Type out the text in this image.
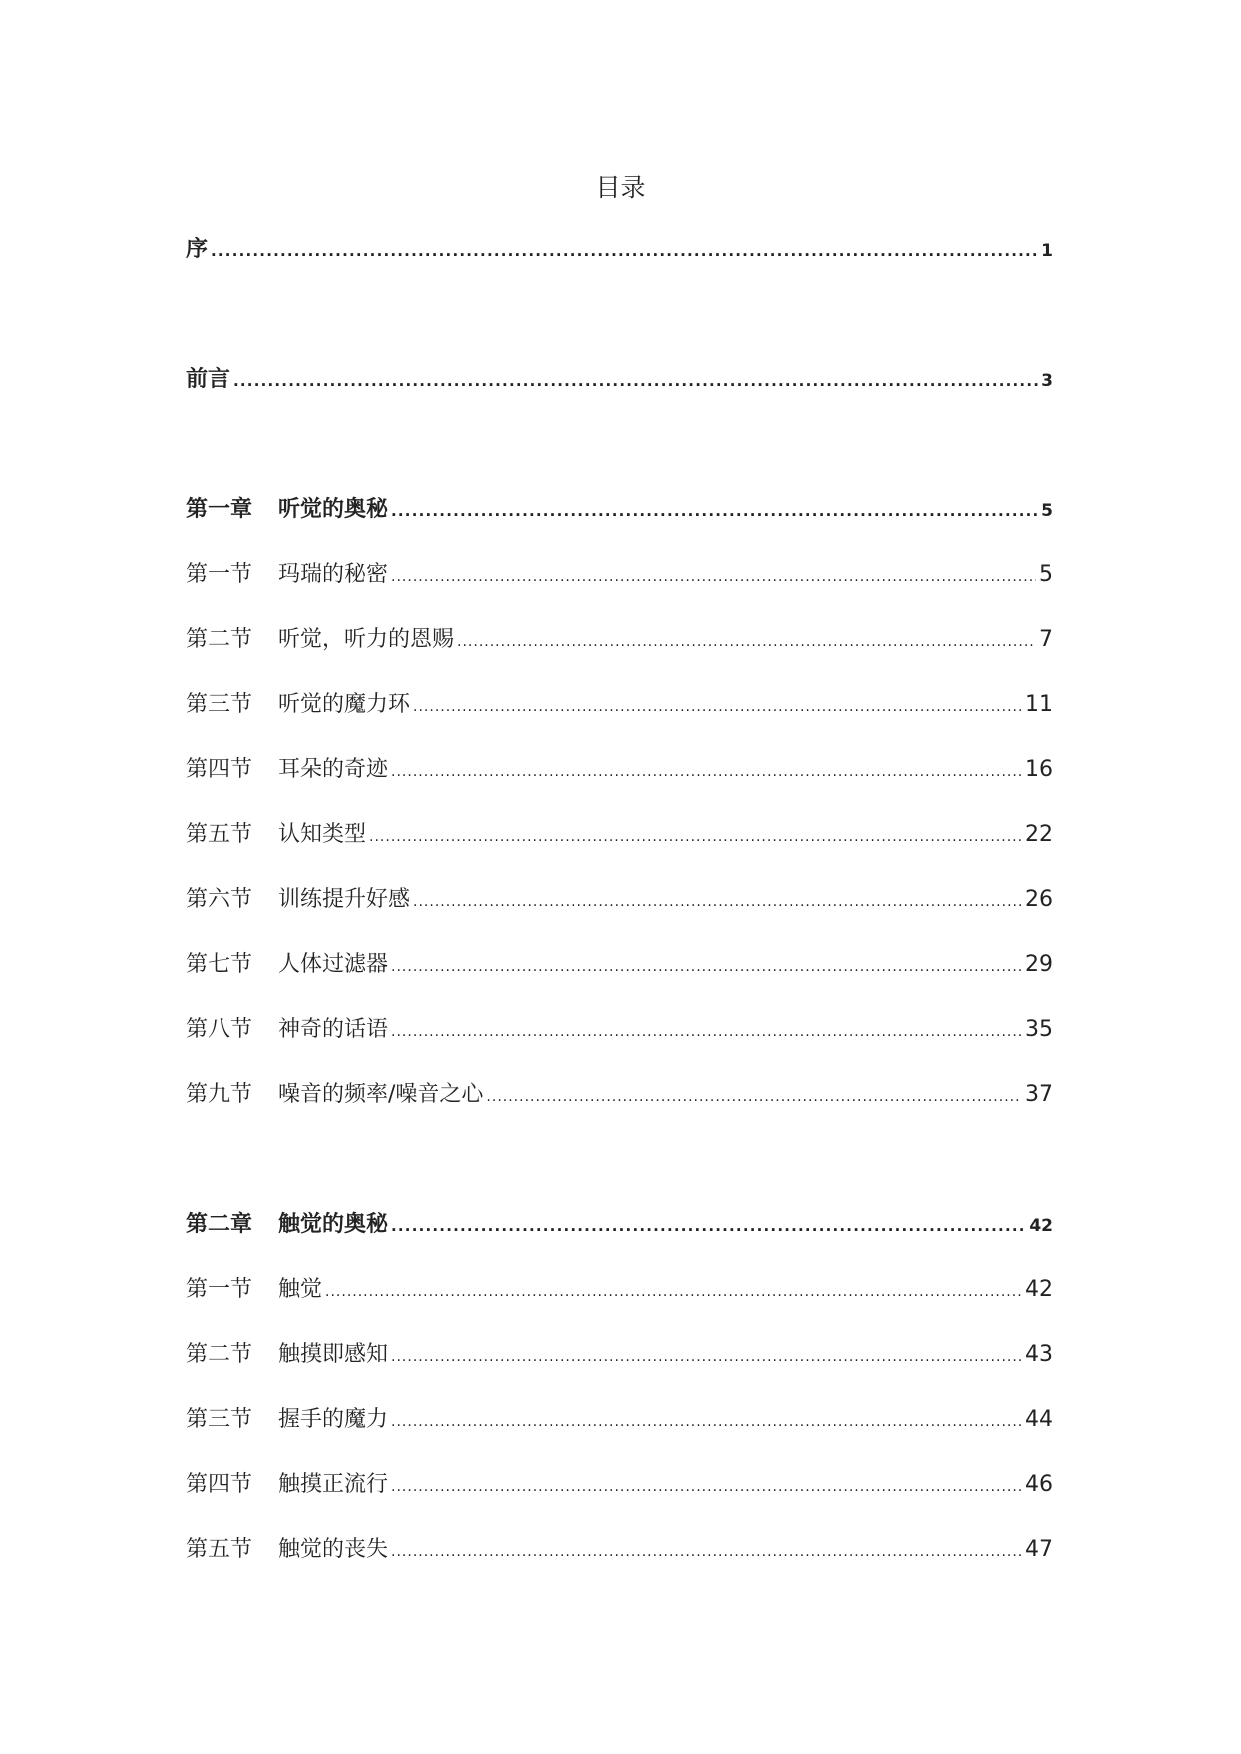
目录
序 .....	1
前言 .....	3
第一章	听觉的奥秘 .....	5
第一节	玛瑞的秘密 .....	5
第二节	听觉，听力的恩赐 .....	7
第三节	听觉的魔力环 .....	11
第四节	耳朵的奇迹 .....	16
第五节	认知类型 .....	22
第六节	训练提升好感 .....	26
第七节	人体过滤器 .....	29
第八节	神奇的话语 .....	35
第九节	噪音的频率/噪音之心 .....	37
第二章	触觉的奥秘 .....	42
第一节	触觉 .....	42
第二节	触摸即感知 .....	43
第三节	握手的魔力 .....	44
第四节	触摸正流行 .....	46
第五节	触觉的丧失 .....	47
